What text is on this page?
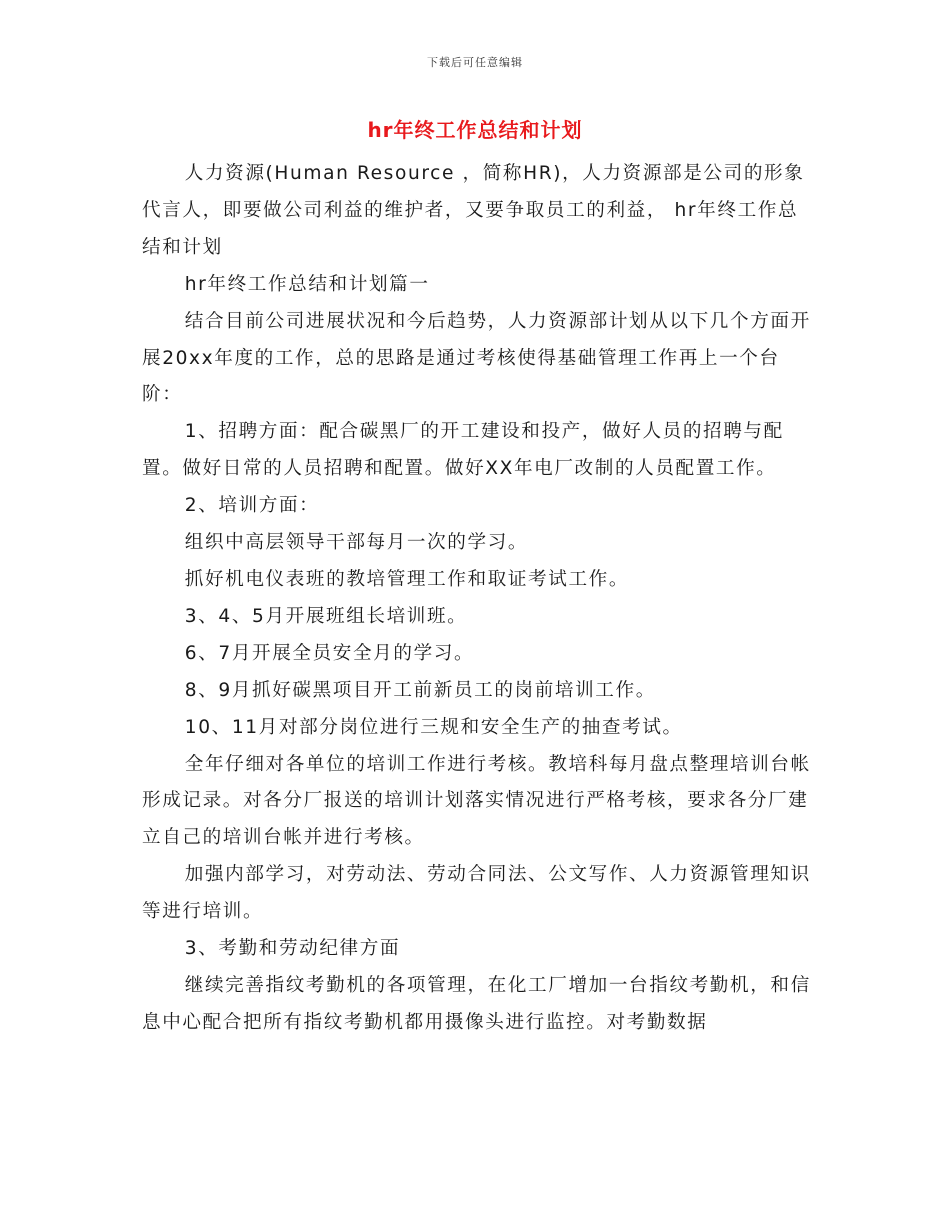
下载后可任意编辑
hr年终工作总结和计划

人力资源(Human Resource ，简称HR)，人力资源部是公司的形象代言人，即要做公司利益的维护者，又要争取员工的利益， hr年终工作总结和计划

hr年终工作总结和计划篇一

结合目前公司进展状况和今后趋势，人力资源部计划从以下几个方面开展20xx年度的工作，总的思路是通过考核使得基础管理工作再上一个台阶：

1、招聘方面：配合碳黑厂的开工建设和投产，做好人员的招聘与配置。做好日常的人员招聘和配置。做好XX年电厂改制的人员配置工作。

2、培训方面：

组织中高层领导干部每月一次的学习。

抓好机电仪表班的教培管理工作和取证考试工作。

3、4、5月开展班组长培训班。

6、7月开展全员安全月的学习。

8、9月抓好碳黑项目开工前新员工的岗前培训工作。

10、11月对部分岗位进行三规和安全生产的抽查考试。

全年仔细对各单位的培训工作进行考核。教培科每月盘点整理培训台帐形成记录。对各分厂报送的培训计划落实情况进行严格考核，要求各分厂建立自己的培训台帐并进行考核。

加强内部学习，对劳动法、劳动合同法、公文写作、人力资源管理知识等进行培训。

3、考勤和劳动纪律方面

继续完善指纹考勤机的各项管理，在化工厂增加一台指纹考勤机，和信息中心配合把所有指纹考勤机都用摄像头进行监控。对考勤数据
